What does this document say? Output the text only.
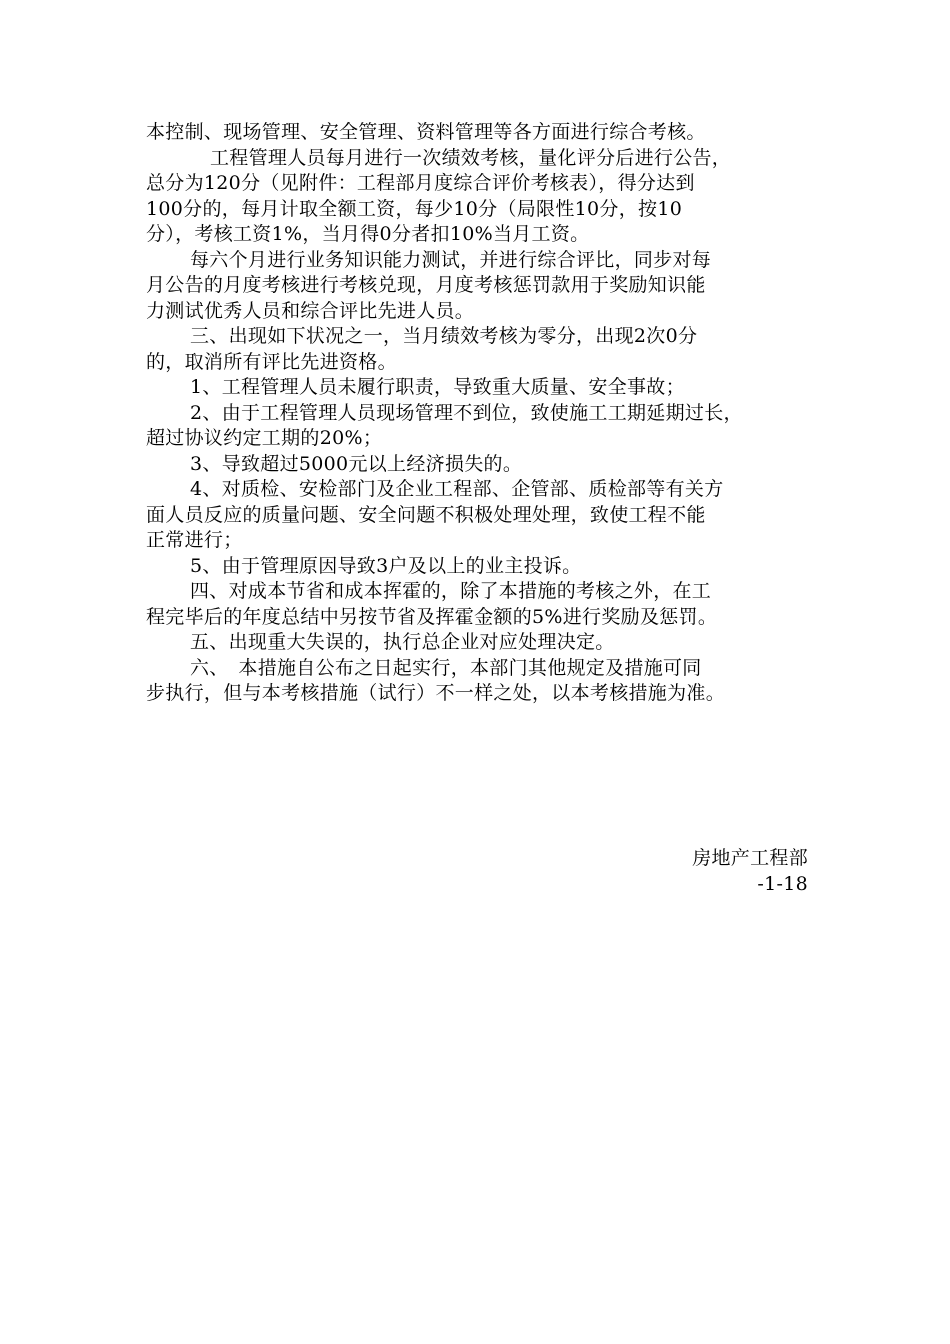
本控制、现场管理、安全管理、资料管理等各方面进行综合考核。
工程管理人员每月进行一次绩效考核，量化评分后进行公告，
总分为120分（见附件：工程部月度综合评价考核表），得分达到
100分的，每月计取全额工资，每少10分（局限性10分，按10
分），考核工资1%，当月得0分者扣10%当月工资。
每六个月进行业务知识能力测试，并进行综合评比，同步对每
月公告的月度考核进行考核兑现，月度考核惩罚款用于奖励知识能
力测试优秀人员和综合评比先进人员。
三、出现如下状况之一，当月绩效考核为零分，出现2次0分
的，取消所有评比先进资格。
1、工程管理人员未履行职责，导致重大质量、安全事故；
2、由于工程管理人员现场管理不到位，致使施工工期延期过长，
超过协议约定工期的20%；
3、导致超过5000元以上经济损失的。
4、对质检、安检部门及企业工程部、企管部、质检部等有关方
面人员反应的质量问题、安全问题不积极处理处理，致使工程不能
正常进行；
5、由于管理原因导致3户及以上的业主投诉。
四、对成本节省和成本挥霍的，除了本措施的考核之外，在工
程完毕后的年度总结中另按节省及挥霍金额的5%进行奖励及惩罚。
五、出现重大失误的，执行总企业对应处理决定。
六、　本措施自公布之日起实行，本部门其他规定及措施可同
步执行，但与本考核措施（试行）不一样之处，以本考核措施为准。
房地产工程部
-1-18
